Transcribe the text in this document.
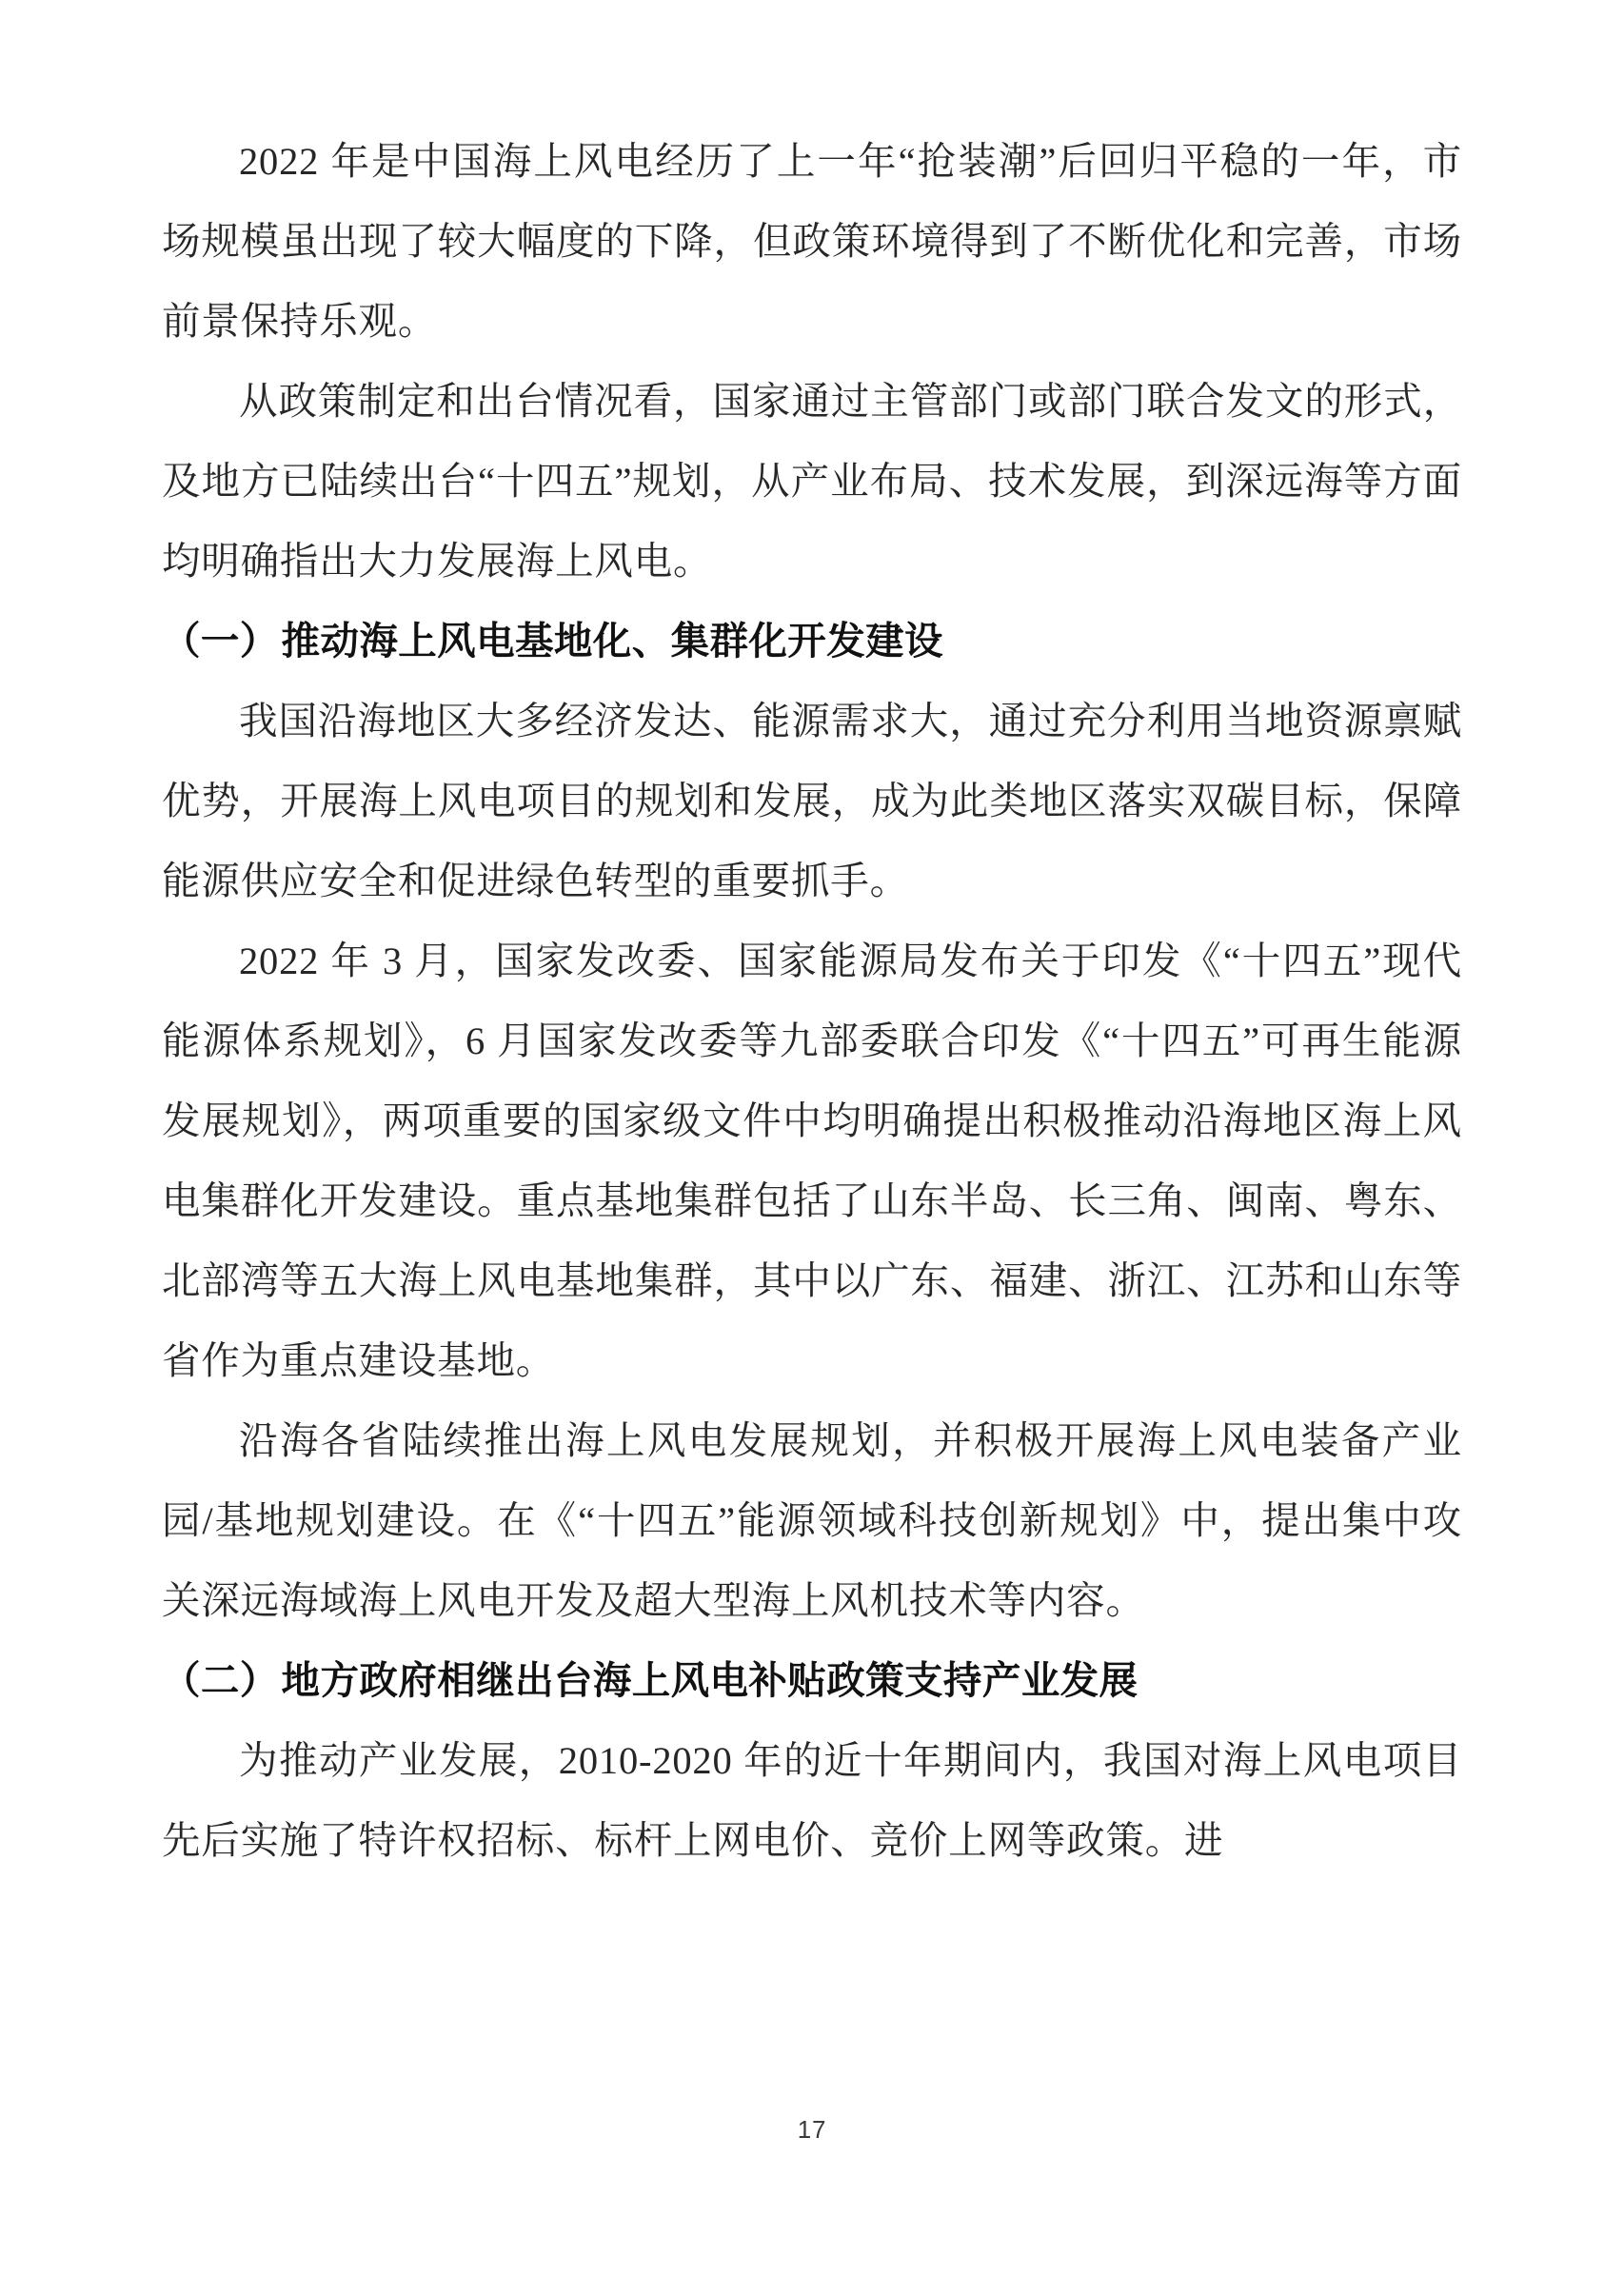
2022 年是中国海上风电经历了上一年“抢装潮”后回归平稳的一年，市场规模虽出现了较大幅度的下降，但政策环境得到了不断优化和完善，市场前景保持乐观。

从政策制定和出台情况看，国家通过主管部门或部门联合发文的形式，及地方已陆续出台“十四五”规划，从产业布局、技术发展，到深远海等方面均明确指出大力发展海上风电。

（一）推动海上风电基地化、集群化开发建设

我国沿海地区大多经济发达、能源需求大，通过充分利用当地资源禀赋优势，开展海上风电项目的规划和发展，成为此类地区落实双碳目标，保障能源供应安全和促进绿色转型的重要抓手。

2022 年 3 月，国家发改委、国家能源局发布关于印发《“十四五”现代能源体系规划》，6 月国家发改委等九部委联合印发《“十四五”可再生能源发展规划》，两项重要的国家级文件中均明确提出积极推动沿海地区海上风电集群化开发建设。重点基地集群包括了山东半岛、长三角、闽南、粤东、北部湾等五大海上风电基地集群，其中以广东、福建、浙江、江苏和山东等省作为重点建设基地。

沿海各省陆续推出海上风电发展规划，并积极开展海上风电装备产业园/基地规划建设。在《“十四五”能源领域科技创新规划》中，提出集中攻关深远海域海上风电开发及超大型海上风机技术等内容。

（二）地方政府相继出台海上风电补贴政策支持产业发展

为推动产业发展，2010-2020 年的近十年期间内，我国对海上风电项目先后实施了特许权招标、标杆上网电价、竞价上网等政策。进

17
